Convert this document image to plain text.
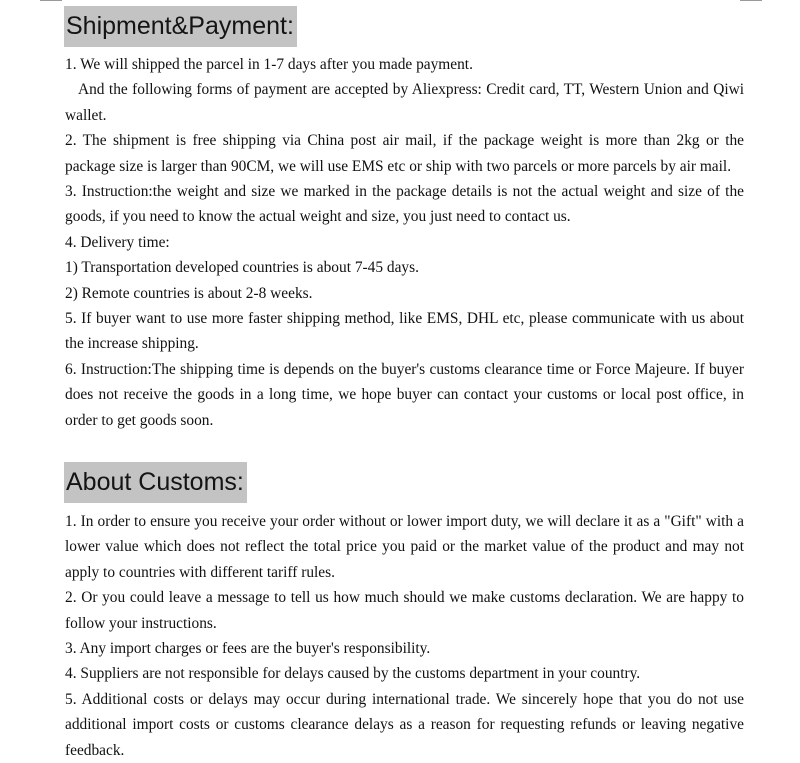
Shipment&Payment:

1. We will shipped the parcel in 1-7 days after you made payment.

And the following forms of payment are accepted by Aliexpress: Credit card, TT, Western Union and Qiwi wallet.

2. The shipment is free shipping via China post air mail, if the package weight is more than 2kg or the package size is larger than 90CM, we will use EMS etc or ship with two parcels or more parcels by air mail.

3. Instruction:the weight and size we marked in the package details is not the actual weight and size of the goods, if you need to know the actual weight and size, you just need to contact us.

4. Delivery time:

1) Transportation developed countries is about 7-45 days.

2) Remote countries is about 2-8 weeks.

5. If buyer want to use more faster shipping method, like EMS, DHL etc, please communicate with us about the increase shipping.

6. Instruction:The shipping time is depends on the buyer's customs clearance time or Force Majeure. If buyer does not receive the goods in a long time, we hope buyer can contact your customs or local post office, in order to get goods soon.

About Customs:

1. In order to ensure you receive your order without or lower import duty, we will declare it as a "Gift" with a lower value which does not reflect the total price you paid or the market value of the product and may not apply to countries with different tariff rules.

2. Or you could leave a message to tell us how much should we make customs declaration. We are happy to follow your instructions.

3. Any import charges or fees are the buyer's responsibility.

4. Suppliers are not responsible for delays caused by the customs department in your country.

5. Additional costs or delays may occur during international trade. We sincerely hope that you do not use additional import costs or customs clearance delays as a reason for requesting refunds or leaving negative feedback.
